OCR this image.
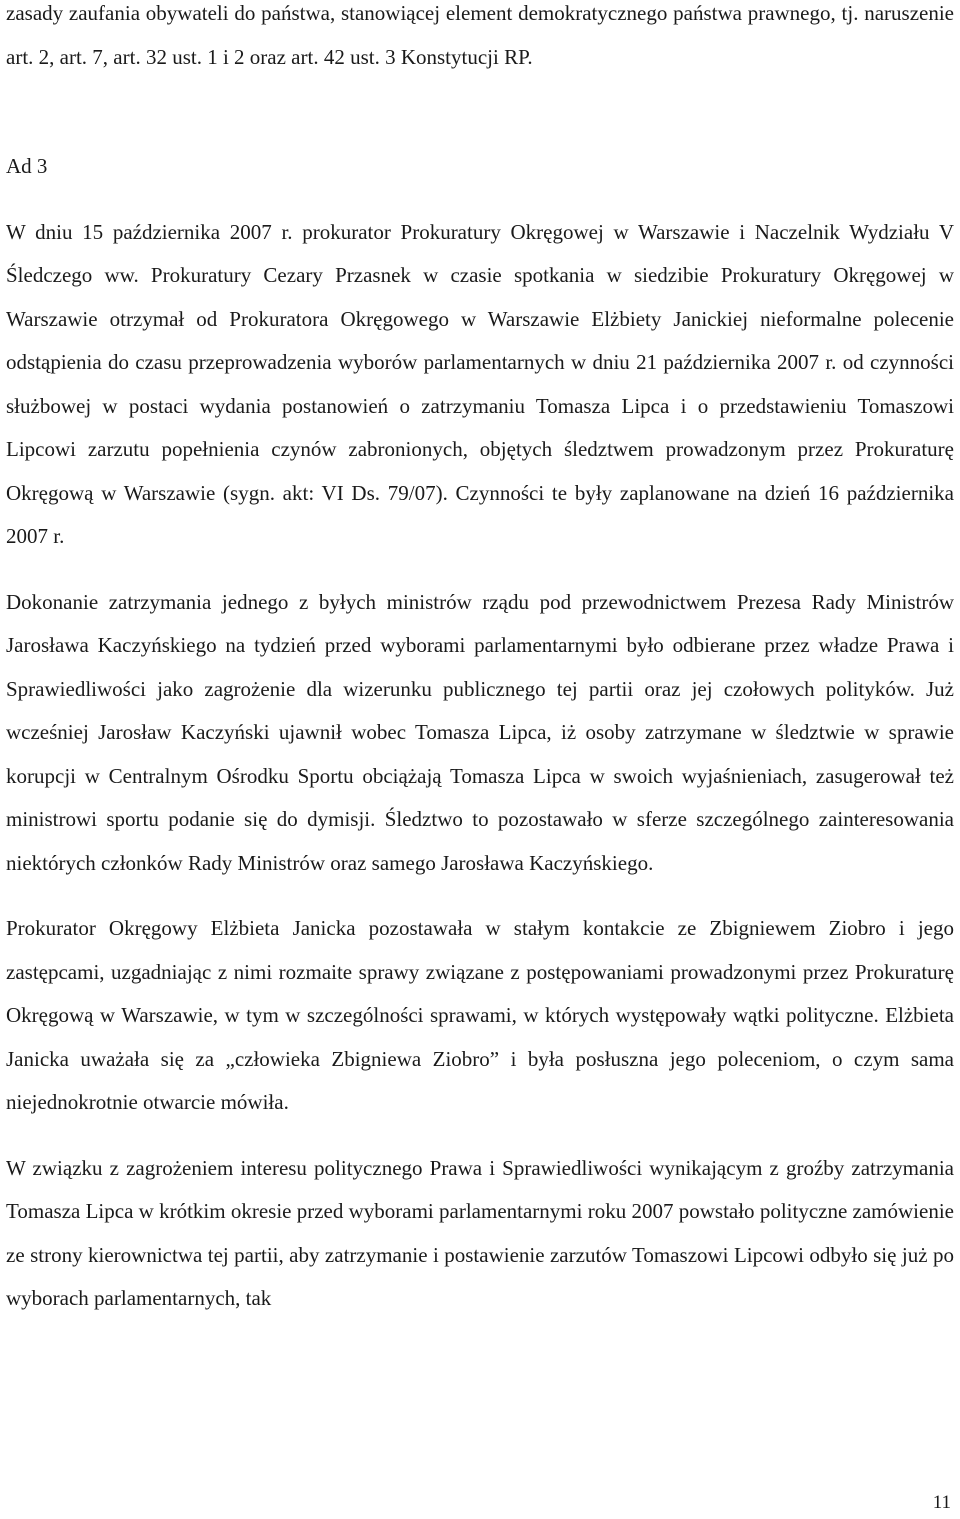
zasady zaufania obywateli do państwa, stanowiącej element demokratycznego państwa prawnego, tj. naruszenie art. 2, art. 7, art. 32 ust. 1 i 2 oraz art. 42 ust. 3 Konstytucji RP.

Ad 3

W dniu 15 października 2007 r. prokurator Prokuratury Okręgowej w Warszawie i Naczelnik Wydziału V Śledczego ww. Prokuratury Cezary Przasnek w czasie spotkania w siedzibie Prokuratury Okręgowej w Warszawie otrzymał od Prokuratora Okręgowego w Warszawie Elżbiety Janickiej nieformalne polecenie odstąpienia do czasu przeprowadzenia wyborów parlamentarnych w dniu 21 października 2007 r. od czynności służbowej w postaci wydania postanowień o zatrzymaniu Tomasza Lipca i o przedstawieniu Tomaszowi Lipcowi zarzutu popełnienia czynów zabronionych, objętych śledztwem prowadzonym przez Prokuraturę Okręgową w Warszawie (sygn. akt: VI Ds. 79/07). Czynności te były zaplanowane na dzień 16 października 2007 r.

Dokonanie zatrzymania jednego z byłych ministrów rządu pod przewodnictwem Prezesa Rady Ministrów Jarosława Kaczyńskiego na tydzień przed wyborami parlamentarnymi było odbierane przez władze Prawa i Sprawiedliwości jako zagrożenie dla wizerunku publicznego tej partii oraz jej czołowych polityków. Już wcześniej Jarosław Kaczyński ujawnił wobec Tomasza Lipca, iż osoby zatrzymane w śledztwie w sprawie korupcji w Centralnym Ośrodku Sportu obciążają Tomasza Lipca w swoich wyjaśnieniach, zasugerował też ministrowi sportu podanie się do dymisji. Śledztwo to pozostawało w sferze szczególnego zainteresowania niektórych członków Rady Ministrów oraz samego Jarosława Kaczyńskiego.

Prokurator Okręgowy Elżbieta Janicka pozostawała w stałym kontakcie ze Zbigniewem Ziobro i jego zastępcami, uzgadniając z nimi rozmaite sprawy związane z postępowaniami prowadzonymi przez Prokuraturę Okręgową w Warszawie, w tym w szczególności sprawami, w których występowały wątki polityczne. Elżbieta Janicka uważała się za „człowieka Zbigniewa Ziobro” i była posłuszna jego poleceniom, o czym sama niejednokrotnie otwarcie mówiła.

W związku z zagrożeniem interesu politycznego Prawa i Sprawiedliwości wynikającym z groźby zatrzymania Tomasza Lipca w krótkim okresie przed wyborami parlamentarnymi roku 2007 powstało polityczne zamówienie ze strony kierownictwa tej partii, aby zatrzymanie i postawienie zarzutów Tomaszowi Lipcowi odbyło się już po wyborach parlamentarnych, tak

11
